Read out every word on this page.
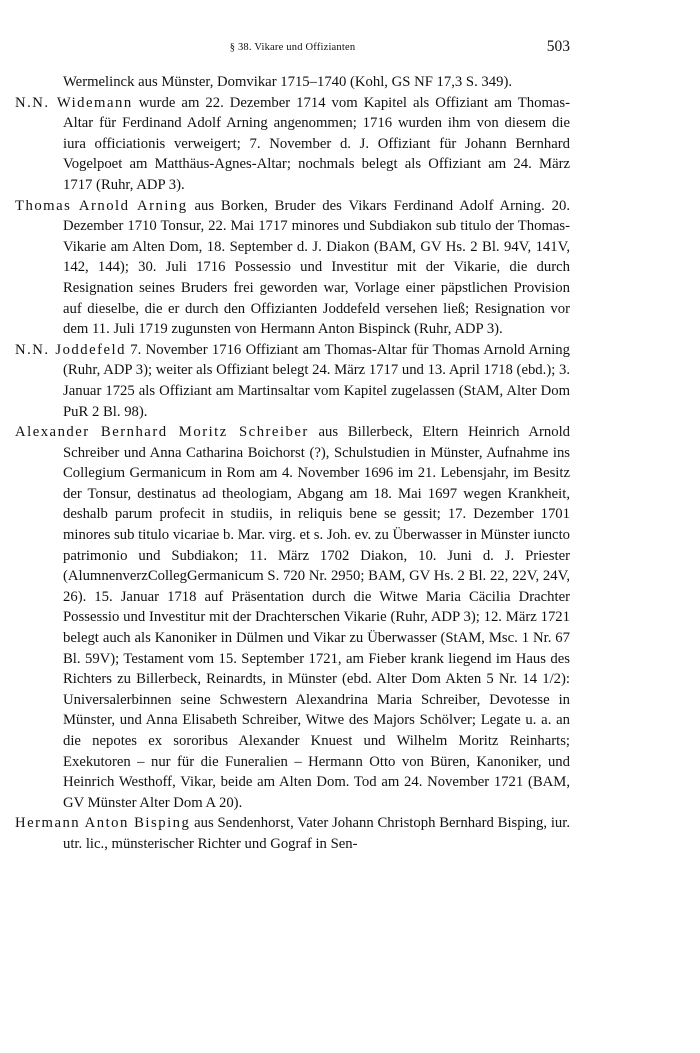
§ 38. Vikare und Offizianten	503

Wermelinck aus Münster, Domvikar 1715–1740 (Kohl, GS NF 17,3 S. 349).

N.N. Widemann wurde am 22. Dezember 1714 vom Kapitel als Offiziant am Thomas-Altar für Ferdinand Adolf Arning angenommen; 1716 wurden ihm von diesem die iura officiationis verweigert; 7. November d. J. Offiziant für Johann Bernhard Vogelpoet am Matthäus-Agnes-Altar; nochmals belegt als Offiziant am 24. März 1717 (Ruhr, ADP 3).

Thomas Arnold Arning aus Borken, Bruder des Vikars Ferdinand Adolf Arning. 20. Dezember 1710 Tonsur, 22. Mai 1717 minores und Subdiakon sub titulo der Thomas-Vikarie am Alten Dom, 18. September d. J. Diakon (BAM, GV Hs. 2 Bl. 94V, 141V, 142, 144); 30. Juli 1716 Possessio und Investitur mit der Vikarie, die durch Resignation seines Bruders frei geworden war, Vorlage einer päpstlichen Provision auf dieselbe, die er durch den Offizianten Joddefeld versehen ließ; Resignation vor dem 11. Juli 1719 zugunsten von Hermann Anton Bispinck (Ruhr, ADP 3).

N.N. Joddefeld 7. November 1716 Offiziant am Thomas-Altar für Thomas Arnold Arning (Ruhr, ADP 3); weiter als Offiziant belegt 24. März 1717 und 13. April 1718 (ebd.); 3. Januar 1725 als Offiziant am Martinsaltar vom Kapitel zugelassen (StAM, Alter Dom PuR 2 Bl. 98).

Alexander Bernhard Moritz Schreiber aus Billerbeck, Eltern Heinrich Arnold Schreiber und Anna Catharina Boichorst (?), Schulstudien in Münster, Aufnahme ins Collegium Germanicum in Rom am 4. November 1696 im 21. Lebensjahr, im Besitz der Tonsur, destinatus ad theologiam, Abgang am 18. Mai 1697 wegen Krankheit, deshalb parum profecit in studiis, in reliquis bene se gessit; 17. Dezember 1701 minores sub titulo vicariae b. Mar. virg. et s. Joh. ev. zu Überwasser in Münster iuncto patrimonio und Subdiakon; 11. März 1702 Diakon, 10. Juni d. J. Priester (AlumnenverzCollegGermanicum S. 720 Nr. 2950; BAM, GV Hs. 2 Bl. 22, 22V, 24V, 26). 15. Januar 1718 auf Präsentation durch die Witwe Maria Cäcilia Drachter Possessio und Investitur mit der Drachterschen Vikarie (Ruhr, ADP 3); 12. März 1721 belegt auch als Kanoniker in Dülmen und Vikar zu Überwasser (StAM, Msc. 1 Nr. 67 Bl. 59V); Testament vom 15. September 1721, am Fieber krank liegend im Haus des Richters zu Billerbeck, Reinardts, in Münster (ebd. Alter Dom Akten 5 Nr. 14 1/2): Universalerbinnen seine Schwestern Alexandrina Maria Schreiber, Devotesse in Münster, und Anna Elisabeth Schreiber, Witwe des Majors Schölver; Legate u. a. an die nepotes ex sororibus Alexander Knuest und Wilhelm Moritz Reinharts; Exekutoren – nur für die Funeralien – Hermann Otto von Büren, Kanoniker, und Heinrich Westhoff, Vikar, beide am Alten Dom. Tod am 24. November 1721 (BAM, GV Münster Alter Dom A 20).

Hermann Anton Bisping aus Sendenhorst, Vater Johann Christoph Bernhard Bisping, iur. utr. lic., münsterischer Richter und Gograf in Sen-
